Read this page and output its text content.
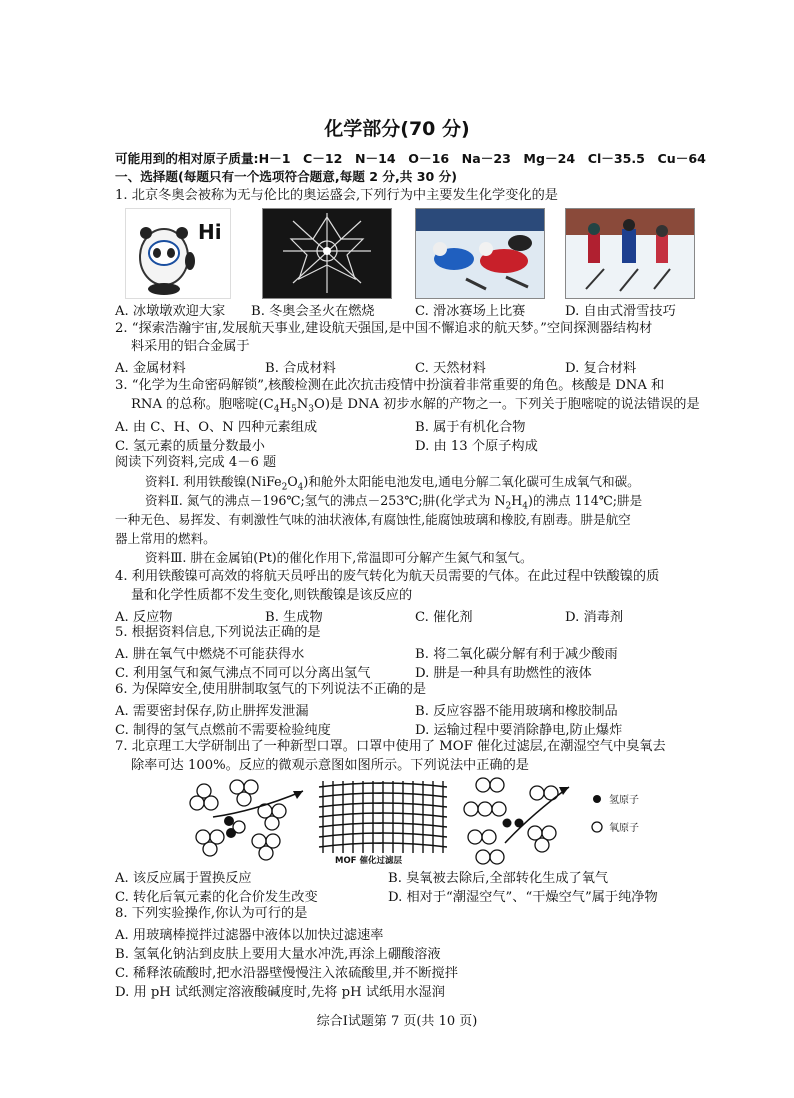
化学部分(70 分)
可能用到的相对原子质量:H－1　C－12　N－14　O－16　Na－23　Mg－24　Cl－35.5　Cu－64
一、选择题(每题只有一个选项符合题意,每题 2 分,共 30 分)
1. 北京冬奥会被称为无与伦比的奥运盛会,下列行为中主要发生化学变化的是
Hi
A. 冰墩墩欢迎大家 B. 冬奥会圣火在燃烧	C. 滑冰赛场上比赛	D. 自由式滑雪技巧
2. “探索浩瀚宇宙,发展航天事业,建设航天强国,是中国不懈追求的航天梦。”空间探测器结构材
料采用的铝合金属于
A. 金属材料	B. 合成材料	C. 天然材料	D. 复合材料
3. “化学为生命密码解锁”,核酸检测在此次抗击疫情中扮演着非常重要的角色。核酸是 DNA 和
RNA 的总称。胞嘧啶$(C_4H_5N_3O)$是 DNA 初步水解的产物之一。下列关于胞嘧啶的说法错误的是
A. 由 C、H、O、N 四种元素组成	B. 属于有机化合物
C. 氢元素的质量分数最小	D. 由 13 个原子构成
阅读下列资料,完成 4－6 题
资料Ⅰ. 利用铁酸镍$(NiFe_2O_4)$和舱外太阳能电池发电,通电分解二氧化碳可生成氧气和碳。
资料Ⅱ. 氮气的沸点－196℃;氢气的沸点－253℃;肼(化学式为 $N_2H_4$)的沸点 114℃;肼是
一种无色、易挥发、有刺激性气味的油状液体,有腐蚀性,能腐蚀玻璃和橡胶,有剧毒。肼是航空
器上常用的燃料。
资料Ⅲ. 肼在金属铂(Pt)的催化作用下,常温即可分解产生氮气和氢气。
4. 利用铁酸镍可高效的将航天员呼出的废气转化为航天员需要的气体。在此过程中铁酸镍的质
量和化学性质都不发生变化,则铁酸镍是该反应的
A. 反应物	B. 生成物	C. 催化剂	D. 消毒剂
5. 根据资料信息,下列说法正确的是
A. 肼在氧气中燃烧不可能获得水	B. 将二氧化碳分解有利于减少酸雨
C. 利用氢气和氮气沸点不同可以分离出氢气	D. 肼是一种具有助燃性的液体
6. 为保障安全,使用肼制取氢气的下列说法不正确的是
A. 需要密封保存,防止肼挥发泄漏	B. 反应容器不能用玻璃和橡胶制品
C. 制得的氢气点燃前不需要检验纯度	D. 运输过程中要消除静电,防止爆炸
7. 北京理工大学研制出了一种新型口罩。口罩中使用了 MOF 催化过滤层,在潮湿空气中臭氧去
除率可达 100%。反应的微观示意图如图所示。下列说法中正确的是
MOF 催化过滤层
氢原子
氧原子
A. 该反应属于置换反应	B. 臭氧被去除后,全部转化生成了氧气
C. 转化后氧元素的化合价发生改变	D. 相对于“潮湿空气”、“干燥空气”属于纯净物
8. 下列实验操作,你认为可行的是
A. 用玻璃棒搅拌过滤器中液体以加快过滤速率
B. 氢氧化钠沾到皮肤上要用大量水冲洗,再涂上硼酸溶液
C. 稀释浓硫酸时,把水沿器壁慢慢注入浓硫酸里,并不断搅拌
D. 用 pH 试纸测定溶液酸碱度时,先将 pH 试纸用水湿润
综合Ⅰ试题第 7 页(共 10 页)
